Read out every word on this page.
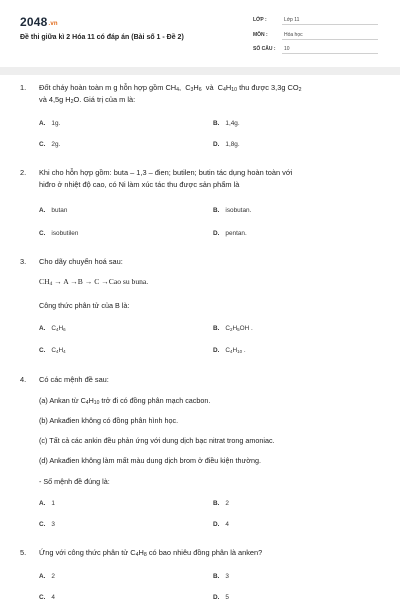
2048.vn
Đề thi giữa kì 2 Hóa 11 có đáp án (Bài số 1 - Đề 2)
LỚP :	Lớp 11
MÔN :	Hóa học
SỐ CÂU : 10
1. Đốt cháy hoàn toàn m g hỗn hợp gồm $CH_4$,  $C_3H_6$  và  $C_4H_{10}$ thu được 3,3g $CO_2$
và 4,5g $H_2O$. Giá trị của m là:
A. 1g.	B. 1,4g.
C. 2g.	D. 1,8g.
2. Khi cho hỗn hợp gồm: buta – 1,3 – đien; butilen; butin tác dụng hoàn toàn với
hiđro ở nhiệt độ cao, có Ni làm xúc tác thu được sản phẩm là
A. butan	B. isobutan.
C. isobutilen	D. pentan.
3. Cho dãy chuyển hoá sau:
$CH_4 \to A \to B \to C \to Cao$ su buna.
Công thức phân tử của B là:
A. $C_4H_6$	B. $C_2H_5OH$ .
C. $C_4H_4$	D. $C_4H_{10}$ .
4. Có các mệnh đề sau:
(a) Ankan từ $C_4H_{10}$ trở đi có đồng phân mạch cacbon.
(b) Ankađien không có đồng phân hình học.
(c) Tất cả các ankin đều phản ứng với dung dịch bạc nitrat trong amoniac.
(d) Ankađien không làm mất màu dung dịch brom ở điều kiện thường.
- Số mệnh đề đúng là:
A. 1	B. 2
C. 3	D. 4
5. Ứng với công thức phân tử $C_4H_8$ có bao nhiêu đồng phân là anken?
A. 2	B. 3
C. 4	D. 5
